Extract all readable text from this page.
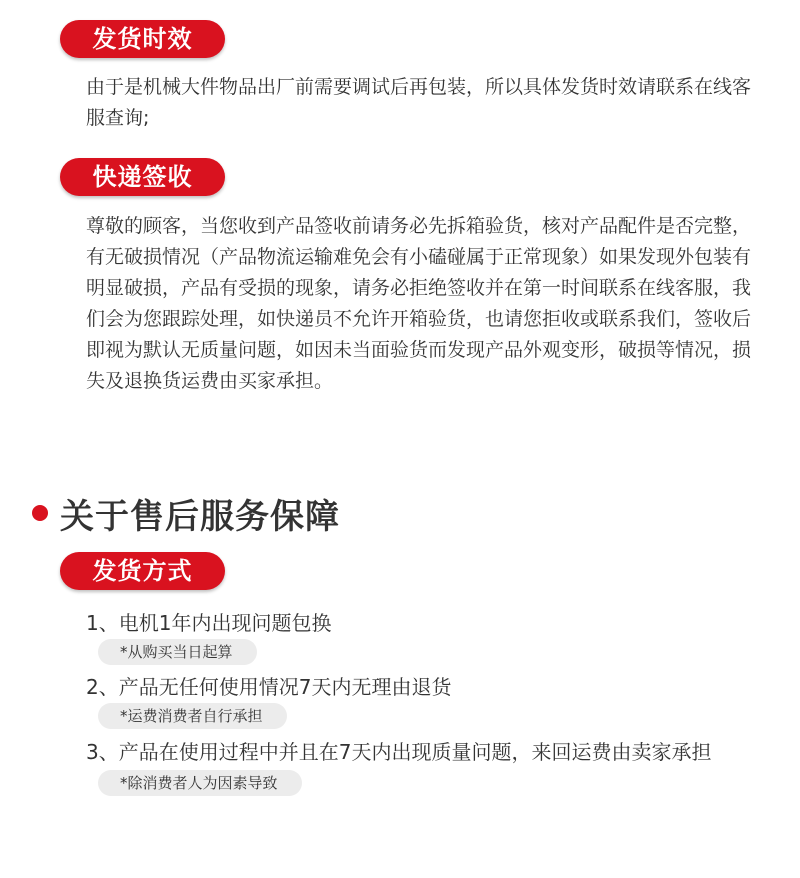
发货时效
由于是机械大件物品出厂前需要调试后再包装，所以具体发货时效请联系在线客服查询;
快递签收
尊敬的顾客，当您收到产品签收前请务必先拆箱验货，核对产品配件是否完整，有无破损情况（产品物流运输难免会有小磕碰属于正常现象）如果发现外包装有明显破损，产品有受损的现象，请务必拒绝签收并在第一时间联系在线客服，我们会为您跟踪处理，如快递员不允许开箱验货，也请您拒收或联系我们，签收后即视为默认无质量问题，如因未当面验货而发现产品外观变形，破损等情况，损失及退换货运费由买家承担。
关于售后服务保障
发货方式
1、电机1年内出现问题包换
*从购买当日起算
2、产品无任何使用情况7天内无理由退货
*运费消费者自行承担
3、产品在使用过程中并且在7天内出现质量问题，来回运费由卖家承担
*除消费者人为因素导致
